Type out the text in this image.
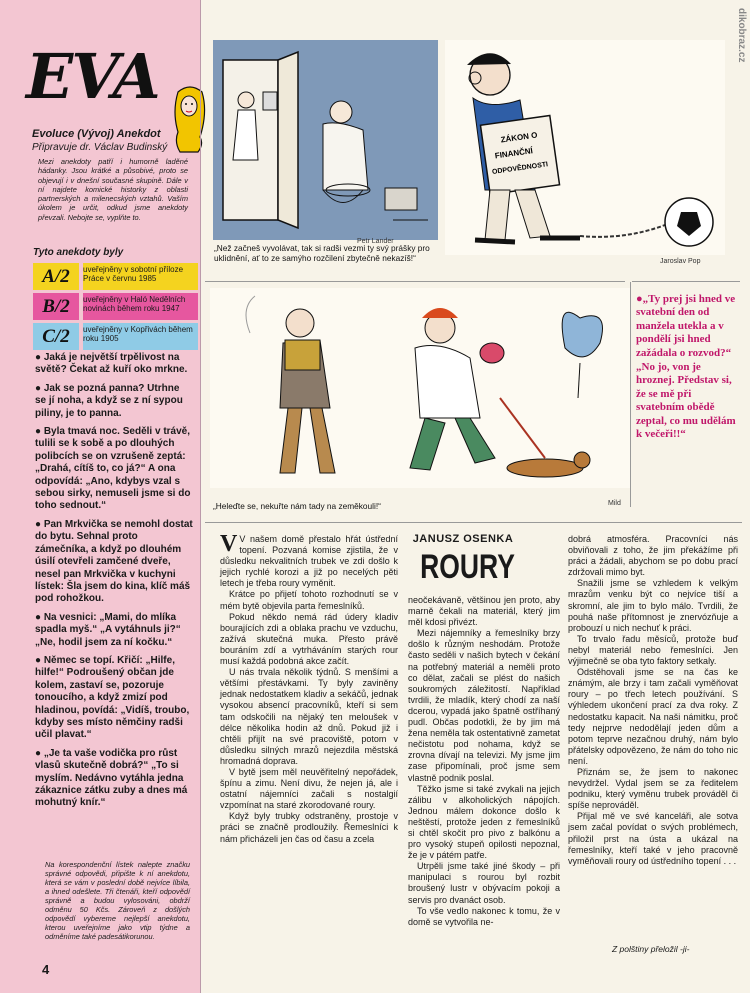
EVA
Evoluce (Vývoj) Anekdot
Připravuje dr. Václav Budinský
Mezi anekdoty patří i humorně laděné hádanky. Jsou krátké a působivé, proto se objevují i v dnešní současné skupině. Dále v ní najdete komické historky z oblasti partnerských a milenecských vztahů. Vaším úkolem je určit, odkud jsme anekdoty převzali. Nebojte se, vyplňte to.
Tyto anekdoty byly
A/2	uveřejněny v sobotní příloze Práce v červnu 1985
B/2	uveřejněny v Haló Nedělních novinách během roku 1947
C/2	uveřejněny v Kopřivách během roku 1905

● Jaká je největší trpělivost na světě? Čekat až kuří oko mrkne.

● Jak se pozná panna? Utrhne se jí noha, a když se z ní sypou piliny, je to panna.

● Byla tmavá noc. Seděli v trávě, tulili se k sobě a po dlouhých polibcích se on vzrušeně zeptá: „Drahá, cítíš to, co já?“ A ona odpovídá: „Ano, kdybys vzal s sebou sirky, nemuseli jsme si do toho sednout.“

● Pan Mrkvička se nemohl dostat do bytu. Sehnal proto zámečníka, a když po dlouhém úsilí otevřeli zamčené dveře, nesel pan Mrkvička v kuchyni lístek: Šla jsem do kina, klíč máš pod rohožkou.

● Na vesnici: „Mami, do mlíka spadla myš.“ „A vytáhnuls ji?“ „Ne, hodil jsem za ní kočku.“

● Němec se topí. Křičí: „Hilfe, hilfe!“ Podroušený občan jde kolem, zastaví se, pozoruje tonoucího, a když zmizí pod hladinou, povídá: „Vidíš, troubo, kdyby ses místo němčiny radši učil plavat.“

● „Je ta vaše vodička pro růst vlasů skutečně dobrá?“ „To si myslím. Nedávno vytáhla jedna zákaznice zátku zuby a dnes má mohutný knír.“

Na korespondenční lístek nalepte značku správné odpovědi, připište k ní anekdotu, která se vám v poslední době nejvíce líbila, a ihned odešlete. Tři čtenáři, kteří odpovědí správně a budou vylosováni, obdrží odměnu 50 Kčs. Zároveň z došlých odpovědí vybereme nejlepší anekdotu, kterou uveřejníme jako vtip týdne a odměníme také padesátikorunou.
4
„Než začneš vyvolávat, tak si radši vezmi ty svý prášky pro uklidnění, ať to ze samýho rozčilení zbytečně nekazíš!“
Petr Lander
ZÁKON O
FINANČNÍ
ODPOVĚDNOSTI
Jaroslav Pop
„Heleďte se, nekuřte nám tady na zeměkouli!“	Mild

●„Ty prej jsi hned ve svatební den od manžela utekla a v pondělí jsi hned zažádala o rozvod?“

„No jo, von je hroznej. Představ si, že se mě při svatebním obědě zeptal, co mu udělám k večeři!!“

dikobraz.cz

V V našem domě přestalo hřát ústřední topení. Pozvaná komise zjistila, že v důsledku nekvalitních trubek ve zdi došlo k jejich rychlé korozi a již po necelých pěti letech je třeba roury vyměnit.

Krátce po přijetí tohoto rozhodnutí se v mém bytě objevila parta řemeslníků.

Pokud někdo nemá rád údery kladiv bourajících zdi a oblaka prachu ve vzduchu, zažívá skutečná muka. Přesto právě bouráním zdí a vytrháváním starých rour musí každá podobná akce začít.

U nás trvala několik týdnů. S menšími a většími přestávkami. Ty byly zaviněny jednak nedostatkem kladiv a sekáčů, jednak vysokou absencí pracovníků, kteří si sem tam odskočili na nějaký ten meloušek v délce několika hodin až dnů. Pokud již i chtěli přijít na své pracoviště, potom v důsledku silných mrazů nejezdila městská hromadná doprava.

V bytě jsem měl neuvěřitelný nepořádek, špínu a zimu. Není divu, že nejen já, ale i ostatní nájemníci začali s nostalgií vzpomínat na staré zkorodované roury.

Když byly trubky odstraněny, prostoje v práci se značně prodloužily. Řemeslníci k nám přicházeli jen čas od času a zcela

JANUSZ OSENKA
ROURY

neočekávaně, většinou jen proto, aby marně čekali na materiál, který jim měl kdosi přivézt.

Mezi nájemníky a řemeslníky brzy došlo k různým neshodám. Protože často seděli v našich bytech v čekání na potřebný materiál a neměli proto co dělat, začali se plést do našich soukromých záležitostí. Například tvrdili, že mladík, který chodí za naší dcerou, vypadá jako špatně ostříhaný pudl. Občas podotkli, že by jim má žena neměla tak ostentativně zametat nečistotu pod nohama, když se zrovna dívají na televizi. My jsme jim zase připomínali, proč jsme sem vlastně podnik poslal.

Těžko jsme si také zvykali na jejich zálibu v alkoholických nápojích. Jednou málem dokonce došlo k neštěstí, protože jeden z řemeslníků si chtěl skočit pro pivo z balkónu a pro vysoký stupeň opilosti nepoznal, že je v pátém patře.

Utrpěli jsme také jiné škody – při manipulaci s rourou byl rozbit broušený lustr v obývacím pokoji a servis pro dvanáct osob.

To vše vedlo nakonec k tomu, že v domě se vytvořila ne-

dobrá atmosféra. Pracovníci nás obviňovali z toho, že jim překážíme při práci a žádali, abychom se po dobu prací zdržovali mimo byt.

Snažili jsme se vzhledem k velkým mrazům venku být co nejvíce tiší a skromní, ale jim to bylo málo. Tvrdili, že pouhá naše přítomnost je znervózňuje a probouzí u nich nechuť k práci.

To trvalo řadu měsíců, protože buď nebyl materiál nebo řemeslníci. Jen výjimečně se oba tyto faktory setkaly.

Odstěhovali jsme se na čas ke známým, ale brzy i tam začali vyměňovat roury – po třech letech používání. S výhledem ukončení prací za dva roky. Z nedostatku kapacit. Na naši námitku, proč tedy nejprve nedodělají jeden dům a potom teprve nezačnou druhý, nám bylo přátelsky odpovězeno, že nám do toho nic není.

Přiznám se, že jsem to nakonec nevydržel. Vydal jsem se za ředitelem podniku, který vyměnu trubek prováděl či spíše neprováděl.

Přijal mě ve své kanceláři, ale sotva jsem začal povídat o svých problémech, přiložil prst na ústa a ukázal na řemeslníky, kteří také v jeho pracovně vyměňovali roury od ústředního topení . . .

Z polštiny přeložil -ji-
